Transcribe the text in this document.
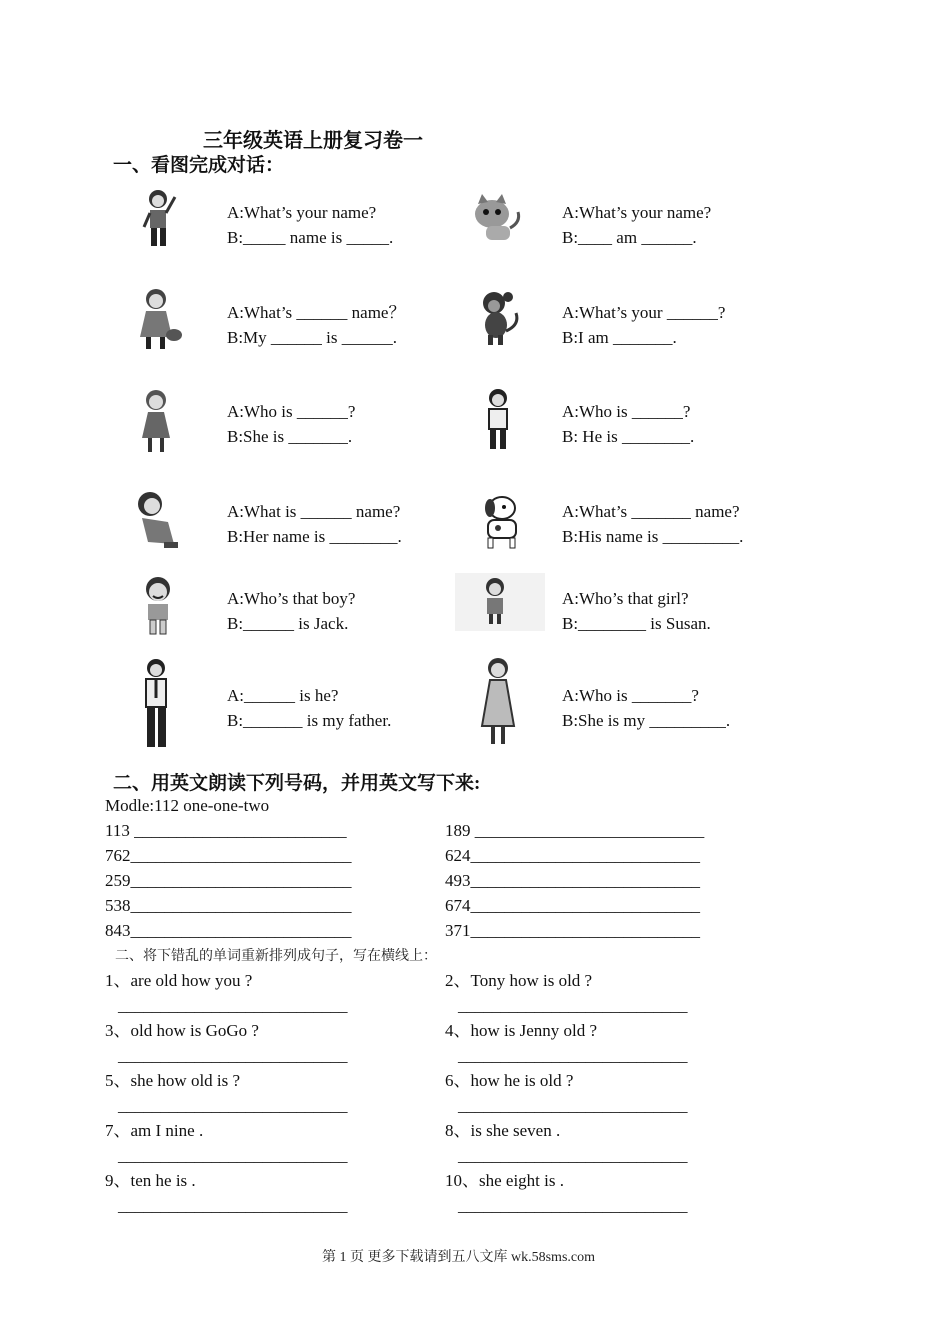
三年级英语上册复习卷一
一、看图完成对话：
A:What’s your name?
B:_____ name is _____.
A:What’s your name?
B:____ am ______.
A:What’s ______ name？
B:My ______ is ______.
A:What’s your ______?
B:I am _______.
A:Who is ______?
B:She is _______.
A:Who is ______?
B: He is ________.
A:What is ______ name?
B:Her name is ________.
A:What’s _______ name?
B:His name is _________.
A:Who’s that boy?
B:______ is Jack.
A:Who’s that girl?
B:________ is Susan.
A:______ is he?
B:_______ is my father.
A:Who is _______?
B:She is my _________.
二、用英文朗读下列号码，并用英文写下来:
Modle:112 one-one-two
113 _________________________
762__________________________
259__________________________
538__________________________
843__________________________
189 ___________________________
624___________________________
493___________________________
674___________________________
371___________________________
二、将下错乱的单词重新排列成句子，写在横线上：
1、are old how you ?
___________________________
2、Tony how is old ?
___________________________
3、old how is GoGo ?
___________________________
4、how is Jenny old ?
___________________________
5、she how old is ?
___________________________
6、how he is old ?
___________________________
7、am I nine .
___________________________
8、is she seven .
___________________________
9、ten he is .
___________________________
10、she eight is .
___________________________
第 1 页 更多下载请到五八文库 wk.58sms.com
